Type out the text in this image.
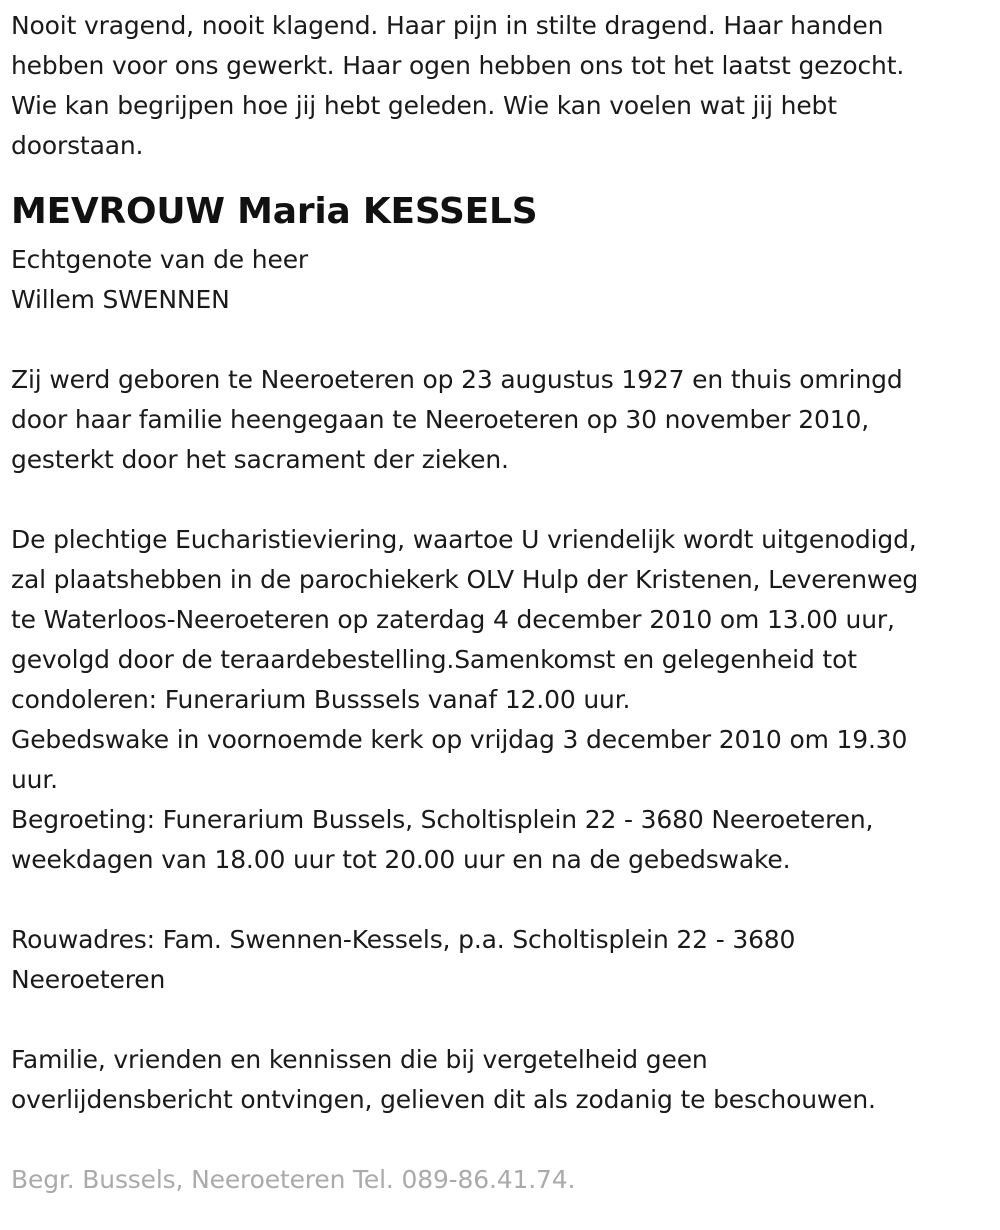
Nooit vragend, nooit klagend. Haar pijn in stilte dragend. Haar handen
hebben voor ons gewerkt. Haar ogen hebben ons tot het laatst gezocht.
Wie kan begrijpen hoe jij hebt geleden. Wie kan voelen wat jij hebt
doorstaan.
MEVROUW Maria KESSELS
Echtgenote van de heer
Willem SWENNEN
Zij werd geboren te Neeroeteren op 23 augustus 1927 en thuis omringd
door haar familie heengegaan te Neeroeteren op 30 november 2010,
gesterkt door het sacrament der zieken.
De plechtige Eucharistieviering, waartoe U vriendelijk wordt uitgenodigd,
zal plaatshebben in de parochiekerk OLV Hulp der Kristenen, Leverenweg
te Waterloos-Neeroeteren op zaterdag 4 december 2010 om 13.00 uur,
gevolgd door de teraardebestelling.Samenkomst en gelegenheid tot
condoleren: Funerarium Busssels vanaf 12.00 uur.
Gebedswake in voornoemde kerk op vrijdag 3 december 2010 om 19.30
uur.
Begroeting: Funerarium Bussels, Scholtisplein 22 - 3680 Neeroeteren,
weekdagen van 18.00 uur tot 20.00 uur en na de gebedswake.
Rouwadres: Fam. Swennen-Kessels, p.a. Scholtisplein 22 - 3680
Neeroeteren
Familie, vrienden en kennissen die bij vergetelheid geen
overlijdensbericht ontvingen, gelieven dit als zodanig te beschouwen.
Begr. Bussels, Neeroeteren Tel. 089-86.41.74.
